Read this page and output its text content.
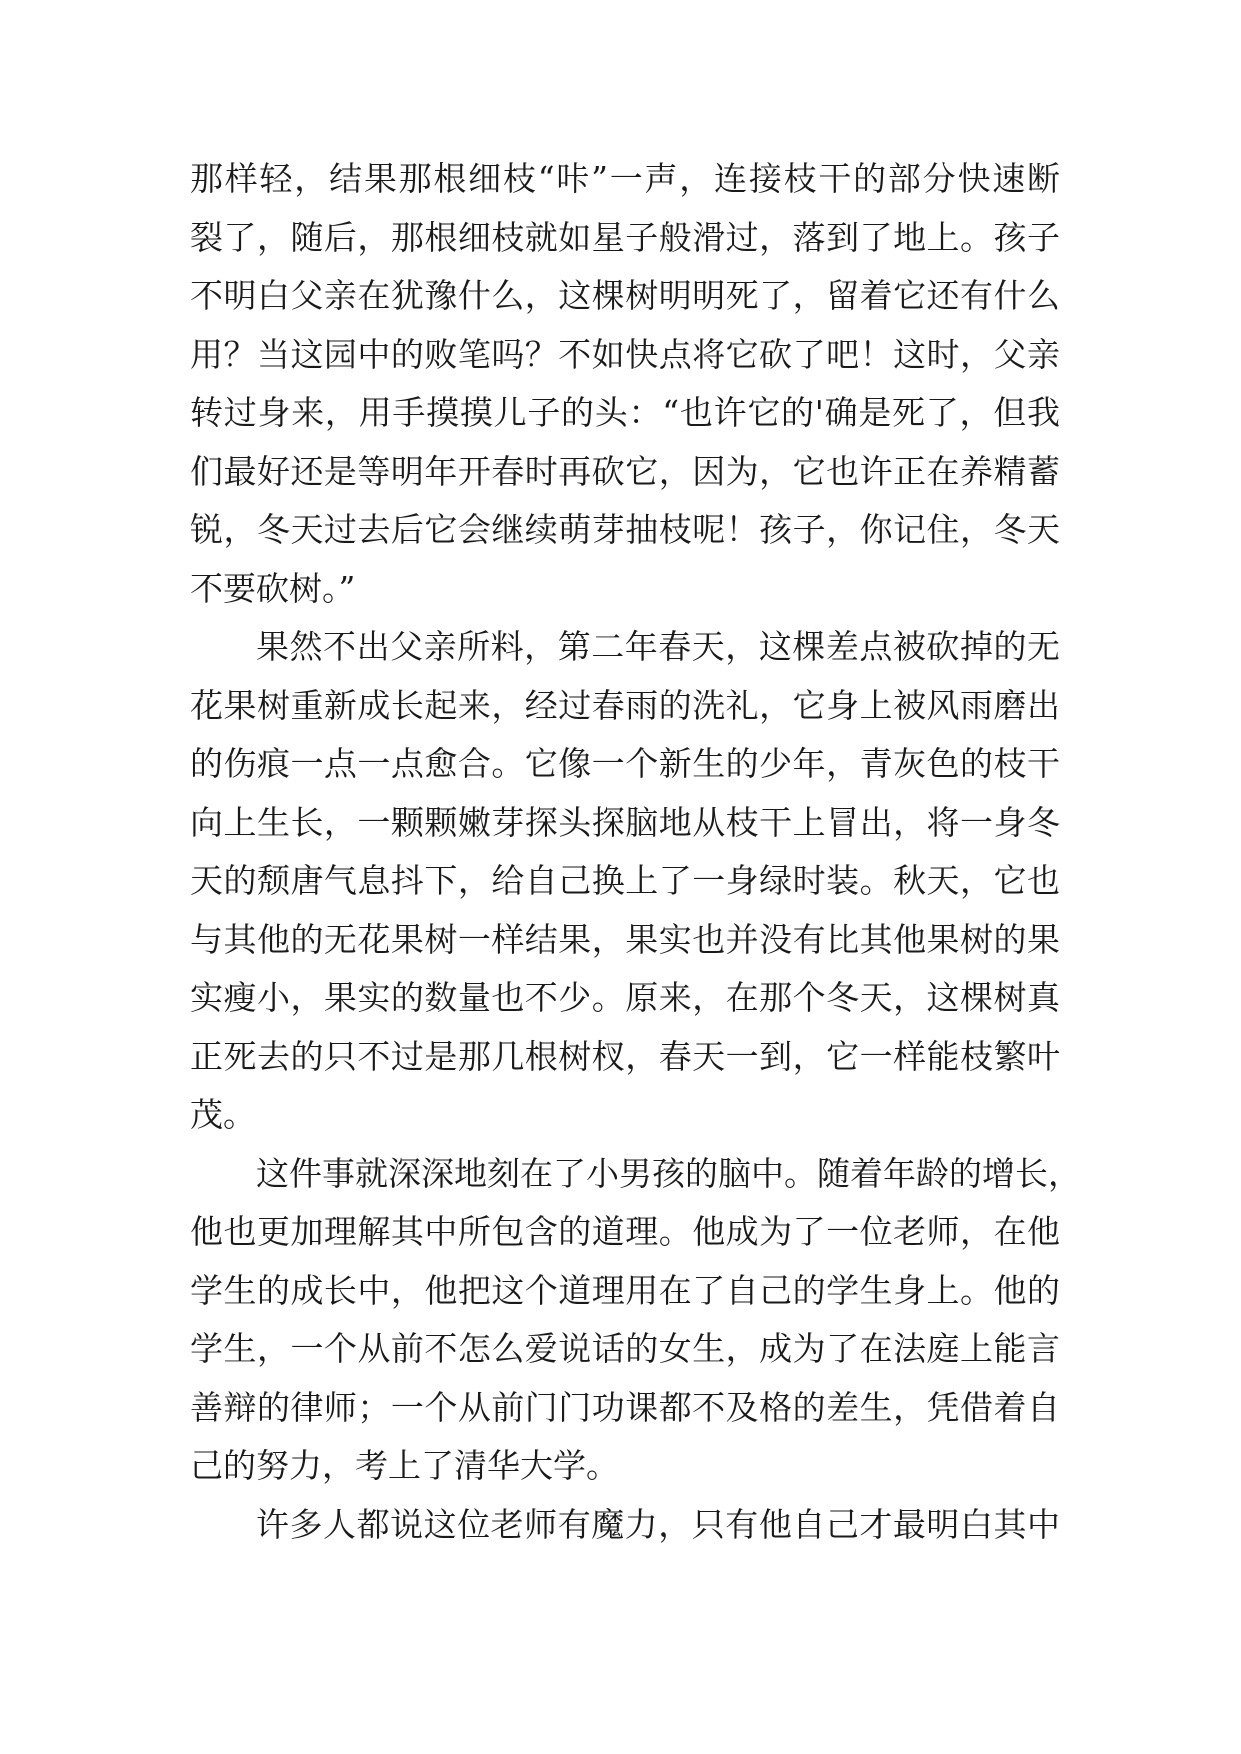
那样轻，结果那根细枝“咔”一声，连接枝干的部分快速断
裂了，随后，那根细枝就如星子般滑过，落到了地上。孩子
不明白父亲在犹豫什么，这棵树明明死了，留着它还有什么
用？当这园中的败笔吗？不如快点将它砍了吧！这时，父亲
转过身来，用手摸摸儿子的头：“也许它的'确是死了，但我
们最好还是等明年开春时再砍它，因为，它也许正在养精蓄
锐，冬天过去后它会继续萌芽抽枝呢！孩子，你记住，冬天
不要砍树。”
果然不出父亲所料，第二年春天，这棵差点被砍掉的无
花果树重新成长起来，经过春雨的洗礼，它身上被风雨磨出
的伤痕一点一点愈合。它像一个新生的少年，青灰色的枝干
向上生长，一颗颗嫩芽探头探脑地从枝干上冒出，将一身冬
天的颓唐气息抖下，给自己换上了一身绿时装。秋天，它也
与其他的无花果树一样结果，果实也并没有比其他果树的果
实瘦小，果实的数量也不少。原来，在那个冬天，这棵树真
正死去的只不过是那几根树杈，春天一到，它一样能枝繁叶
茂。
这件事就深深地刻在了小男孩的脑中。随着年龄的增长，
他也更加理解其中所包含的道理。他成为了一位老师，在他
学生的成长中，他把这个道理用在了自己的学生身上。他的
学生，一个从前不怎么爱说话的女生，成为了在法庭上能言
善辩的律师；一个从前门门功课都不及格的差生，凭借着自
己的努力，考上了清华大学。
许多人都说这位老师有魔力，只有他自己才最明白其中
